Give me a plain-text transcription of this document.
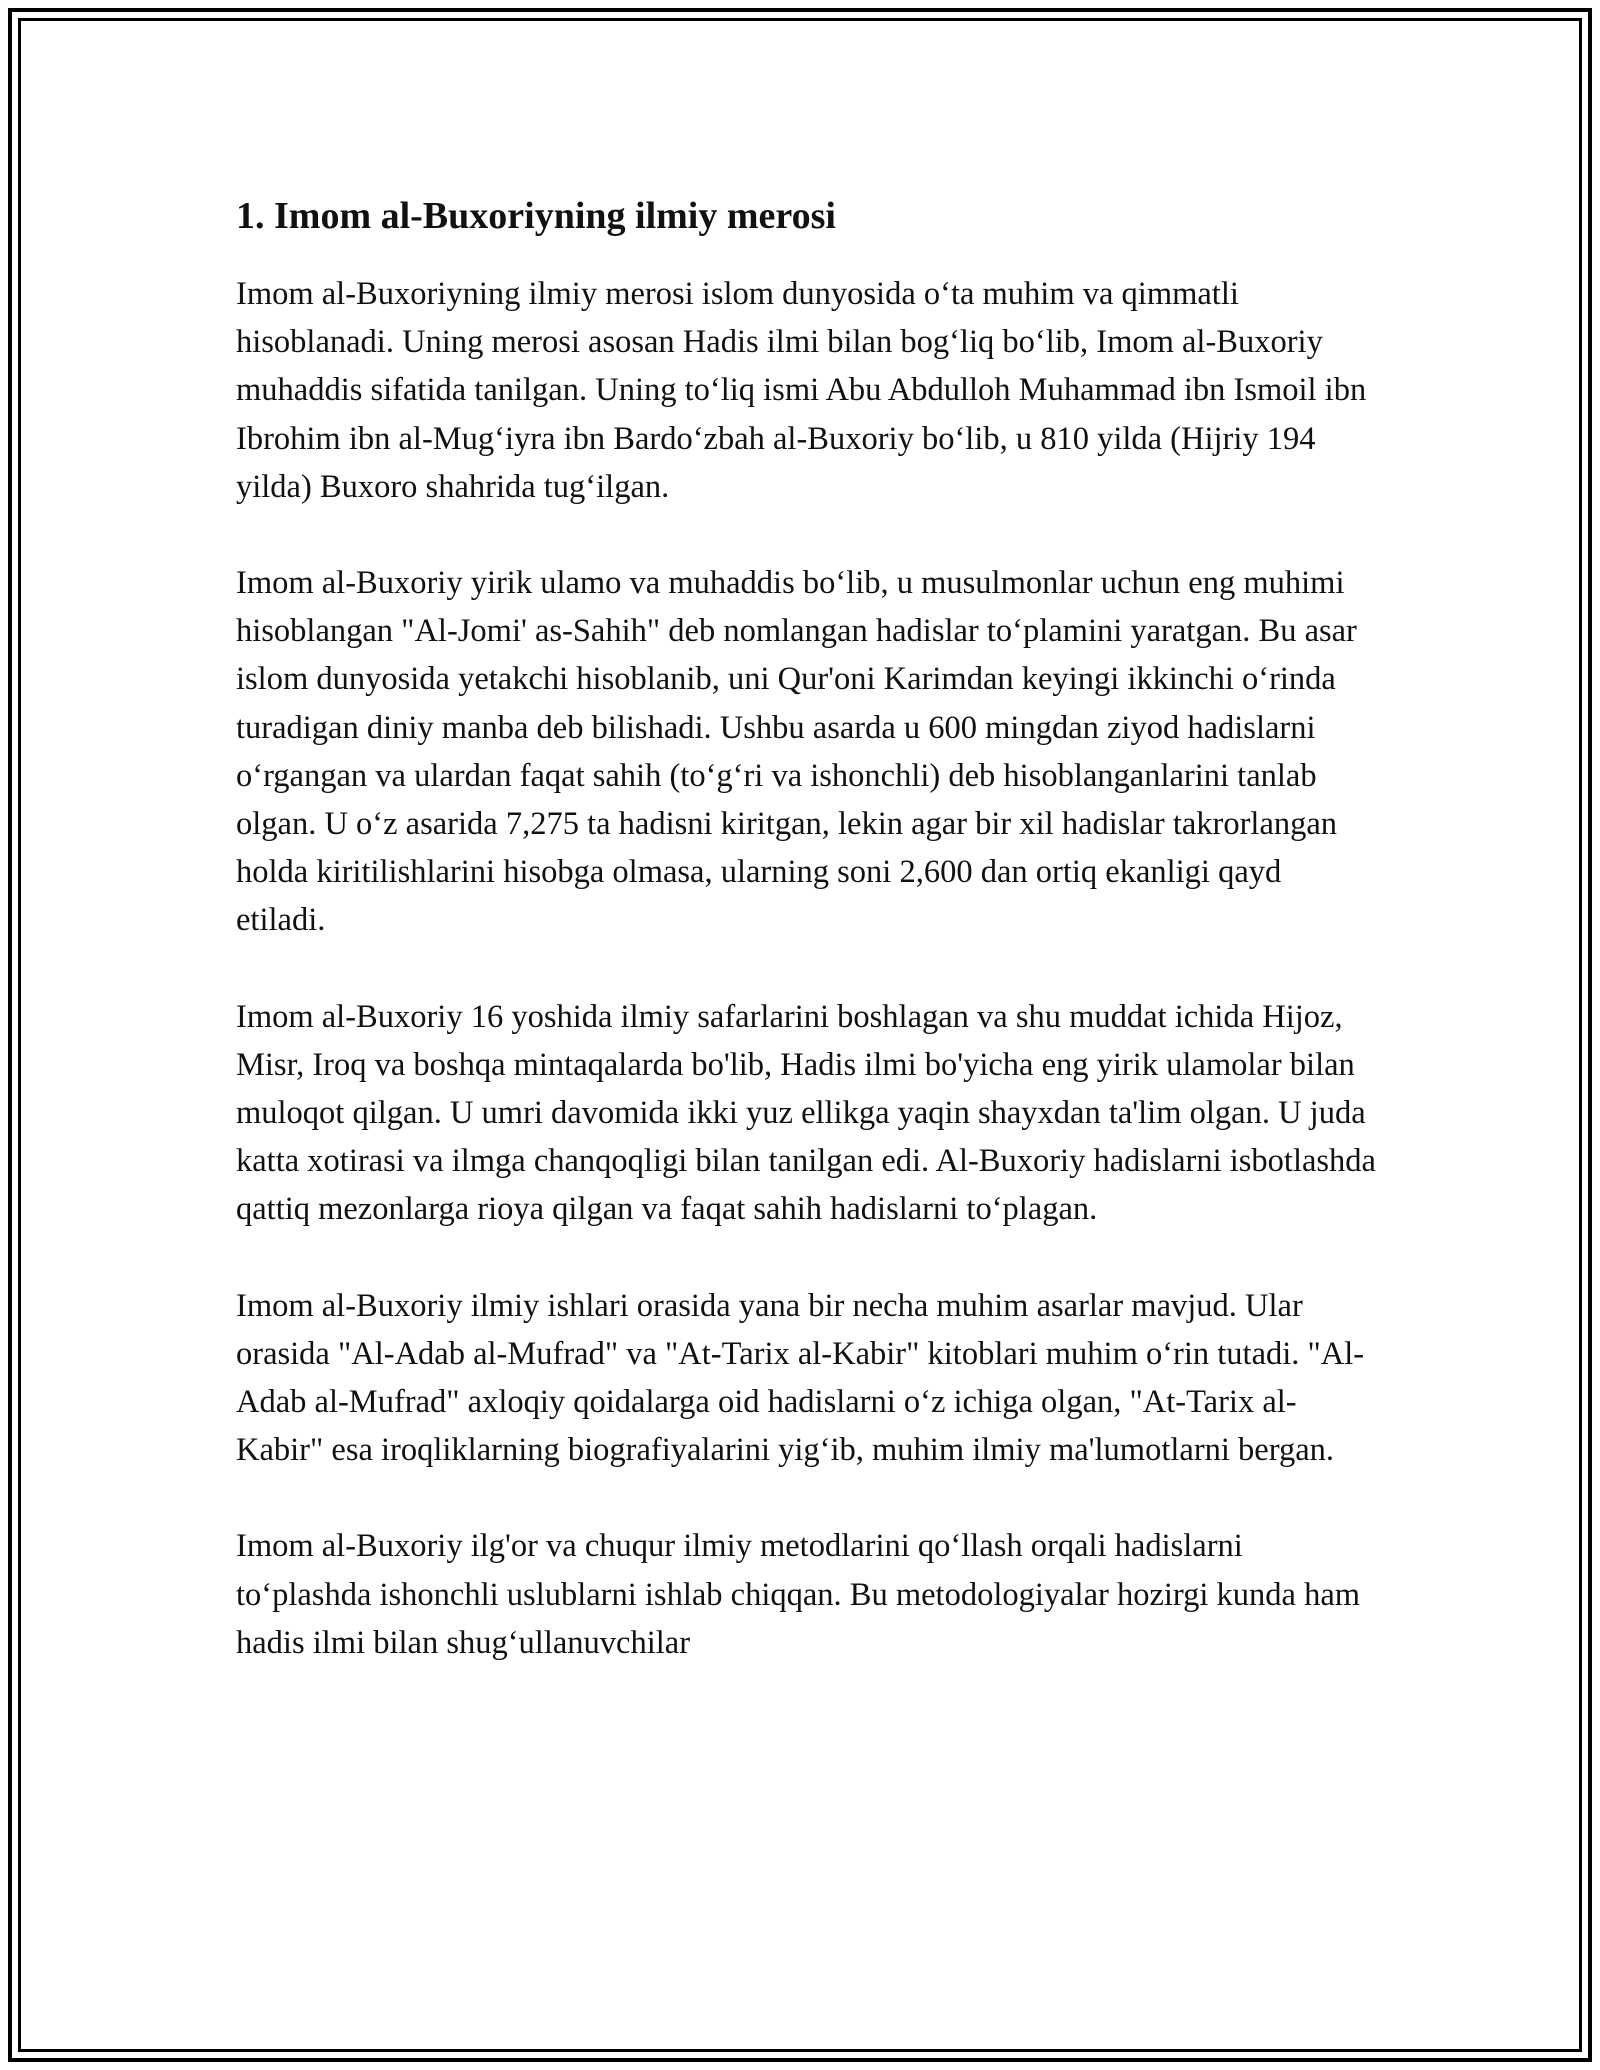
1. Imom al-Buxoriyning ilmiy merosi

Imom al-Buxoriyning ilmiy merosi islom dunyosida o‘ta muhim va qimmatli hisoblanadi. Uning merosi asosan Hadis ilmi bilan bog‘liq bo‘lib, Imom al-Buxoriy muhaddis sifatida tanilgan. Uning to‘liq ismi Abu Abdulloh Muhammad ibn Ismoil ibn Ibrohim ibn al-Mug‘iyra ibn Bardo‘zbah al-Buxoriy bo‘lib, u 810 yilda (Hijriy 194 yilda) Buxoro shahrida tug‘ilgan.

Imom al-Buxoriy yirik ulamo va muhaddis bo‘lib, u musulmonlar uchun eng muhimi hisoblangan "Al-Jomi' as-Sahih" deb nomlangan hadislar to‘plamini yaratgan. Bu asar islom dunyosida yetakchi hisoblanib, uni Qur'oni Karimdan keyingi ikkinchi o‘rinda turadigan diniy manba deb bilishadi. Ushbu asarda u 600 mingdan ziyod hadislarni o‘rgangan va ulardan faqat sahih (to‘g‘ri va ishonchli) deb hisoblanganlarini tanlab olgan. U o‘z asarida 7,275 ta hadisni kiritgan, lekin agar bir xil hadislar takrorlangan holda kiritilishlarini hisobga olmasa, ularning soni 2,600 dan ortiq ekanligi qayd etiladi.

Imom al-Buxoriy 16 yoshida ilmiy safarlarini boshlagan va shu muddat ichida Hijoz, Misr, Iroq va boshqa mintaqalarda bo'lib, Hadis ilmi bo'yicha eng yirik ulamolar bilan muloqot qilgan. U umri davomida ikki yuz ellikga yaqin shayxdan ta'lim olgan. U juda katta xotirasi va ilmga chanqoqligi bilan tanilgan edi. Al-Buxoriy hadislarni isbotlashda qattiq mezonlarga rioya qilgan va faqat sahih hadislarni to‘plagan.

Imom al-Buxoriy ilmiy ishlari orasida yana bir necha muhim asarlar mavjud. Ular orasida "Al-Adab al-Mufrad" va "At-Tarix al-Kabir" kitoblari muhim o‘rin tutadi. "Al-Adab al-Mufrad" axloqiy qoidalarga oid hadislarni o‘z ichiga olgan, "At-Tarix al-Kabir" esa iroqliklarning biografiyalarini yig‘ib, muhim ilmiy ma'lumotlarni bergan.

Imom al-Buxoriy ilg'or va chuqur ilmiy metodlarini qo‘llash orqali hadislarni to‘plashda ishonchli uslublarni ishlab chiqqan. Bu metodologiyalar hozirgi kunda ham hadis ilmi bilan shug‘ullanuvchilar
